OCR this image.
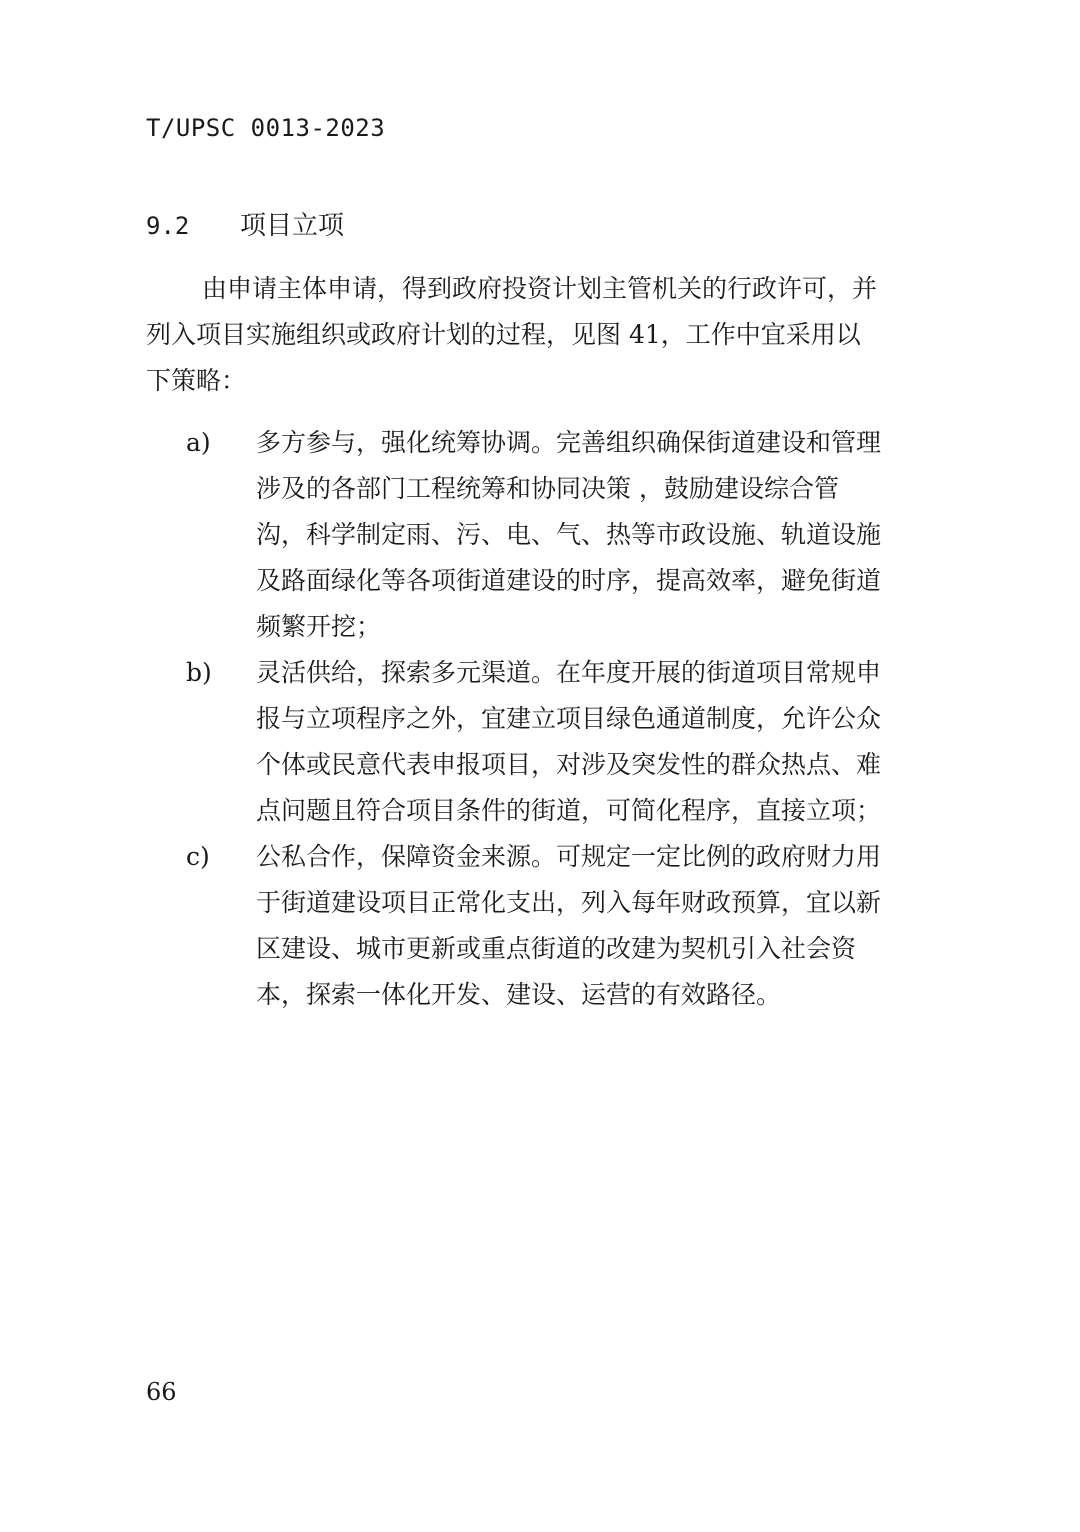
T/UPSC 0013-2023
9.2 项目立项

由申请主体申请，得到政府投资计划主管机关的行政许可，并
列入项目实施组织或政府计划的过程，见图 41，工作中宜采用以
下策略：

a) 多方参与，强化统筹协调。完善组织确保街道建设和管理
涉及的各部门工程统筹和协同决策 ，鼓励建设综合管
沟，科学制定雨、污、电、气、热等市政设施、轨道设施
及路面绿化等各项街道建设的时序，提高效率，避免街道
频繁开挖；

b) 灵活供给，探索多元渠道。在年度开展的街道项目常规申
报与立项程序之外，宜建立项目绿色通道制度，允许公众
个体或民意代表申报项目，对涉及突发性的群众热点、难
点问题且符合项目条件的街道，可简化程序，直接立项；

c) 公私合作，保障资金来源。可规定一定比例的政府财力用
于街道建设项目正常化支出，列入每年财政预算，宜以新
区建设、城市更新或重点街道的改建为契机引入社会资
本，探索一体化开发、建设、运营的有效路径。

66
